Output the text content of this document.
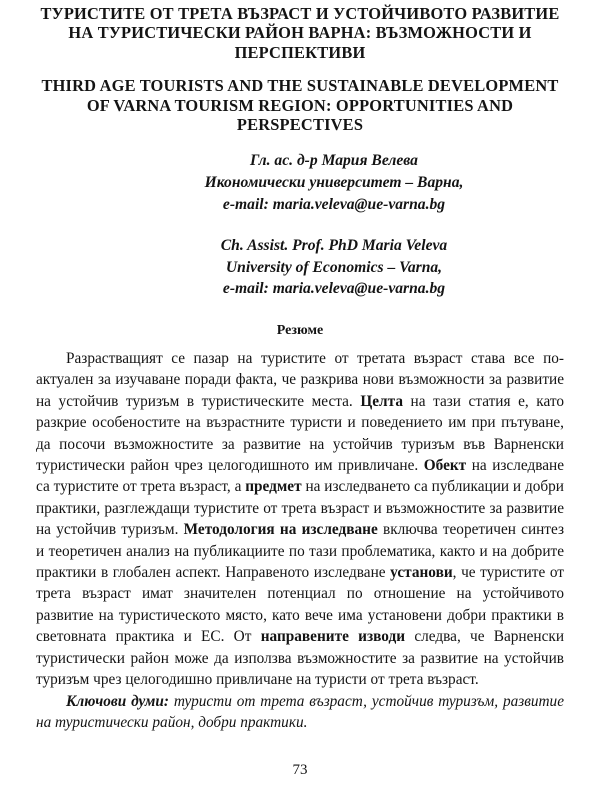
ТУРИСТИТЕ ОТ ТРЕТА ВЪЗРАСТ И УСТОЙЧИВОТО РАЗВИТИЕ НА ТУРИСТИЧЕСКИ РАЙОН ВАРНА: ВЪЗМОЖНОСТИ И ПЕРСПЕКТИВИ
THIRD AGE TOURISTS AND THE SUSTAINABLE DEVELOPMENT OF VARNA TOURISM REGION: OPPORTUNITIES AND PERSPECTIVES

Гл. ас. д-р Мария Велева

Икономически университет – Варна,

e-mail: maria.veleva@ue-varna.bg

Ch. Assist. Prof. PhD Maria Veleva

University of Economics – Varna,

e-mail: maria.veleva@ue-varna.bg

Резюме

Разрастващият се пазар на туристите от третата възраст става все по-актуален за изучаване поради факта, че разкрива нови възможности за развитие на устойчив туризъм в туристическите места. Целта на тази статия е, като разкрие особеностите на възрастните туристи и поведението им при пътуване, да посочи възможностите за развитие на устойчив туризъм във Варненски туристически район чрез целогодишното им привличане. Обект на изследване са туристите от трета възраст, а предмет на изследването са публикации и добри практики, разглеждащи туристите от трета възраст и възможностите за развитие на устойчив туризъм. Методология на изследване включва теоретичен синтез и теоретичен анализ на публикациите по тази проблематика, както и на добрите практики в глобален аспект. Направеното изследване установи, че туристите от трета възраст имат значителен потенциал по отношение на устойчивото развитие на туристическото място, като вече има установени добри практики в световната практика и ЕС. От направените изводи следва, че Варненски туристически район може да използва възможностите за развитие на устойчив туризъм чрез целогодишно привличане на туристи от трета възраст.

Ключови думи: туристи от трета възраст, устойчив туризъм, развитие на туристически район, добри практики.

73
